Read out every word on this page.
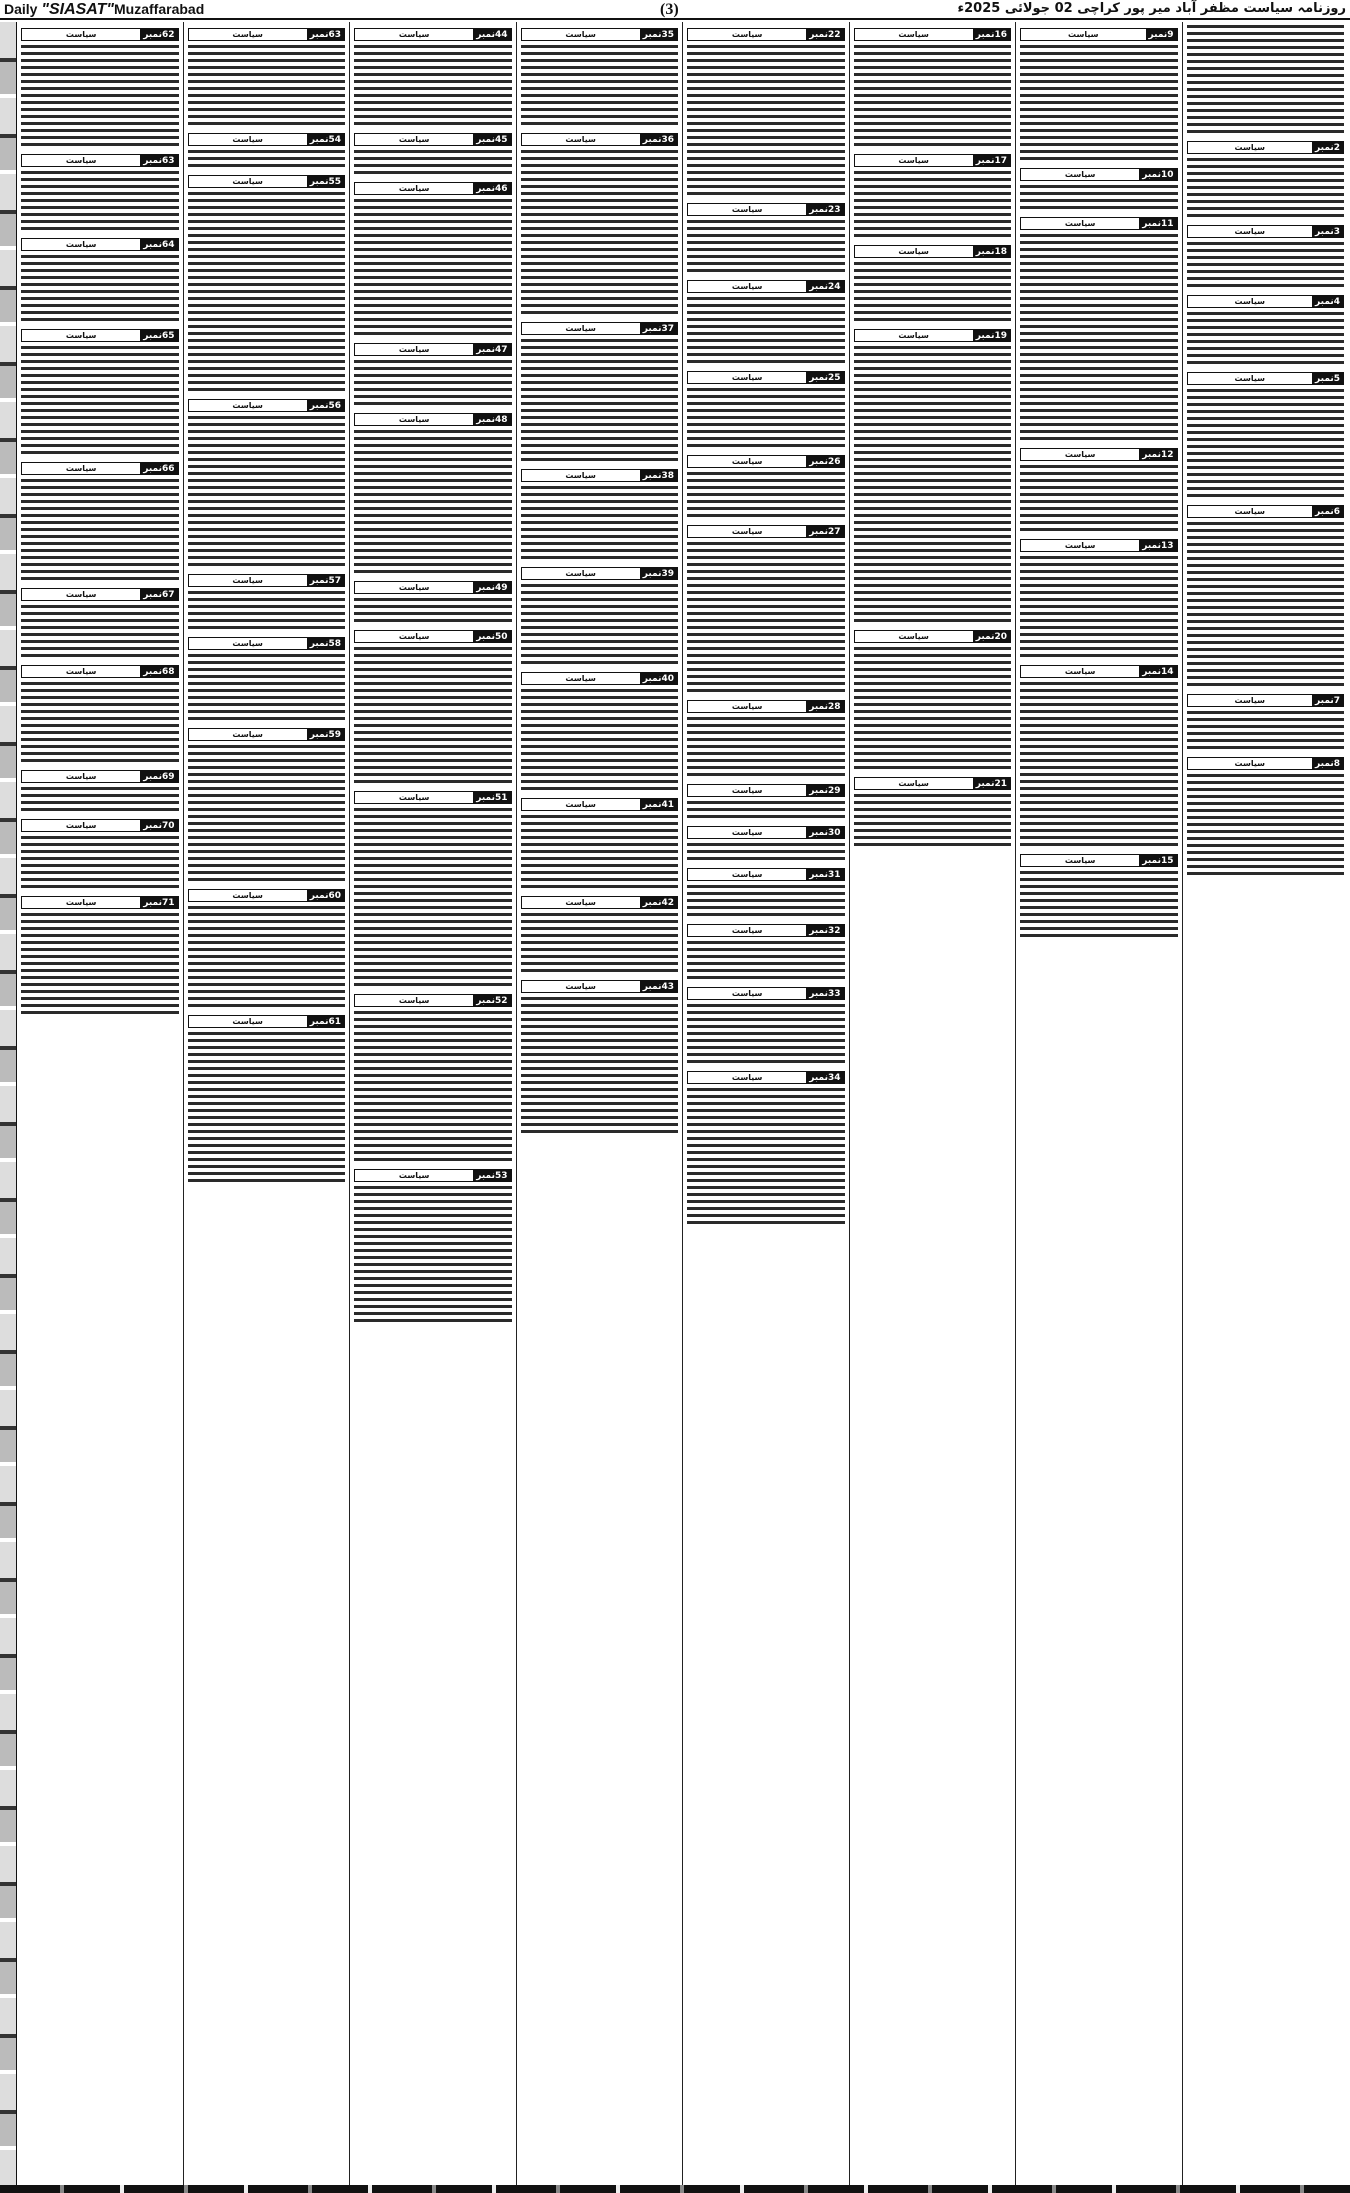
Daily "SIASAT"Muzaffarabad	(3)	روزنامہ سیاست مظفر آباد میر پور کراچی 02 جولائی 2025ء
2نمبر
سیاست
3نمبر
سیاست
4نمبر
سیاست
5نمبر
سیاست
6نمبر
سیاست
7نمبر
سیاست
8نمبر
سیاست
9نمبر
سیاست
10نمبر
سیاست
11نمبر
سیاست
12نمبر
سیاست
13نمبر
سیاست
14نمبر
سیاست
15نمبر
سیاست
16نمبر
سیاست
17نمبر
سیاست
18نمبر
سیاست
19نمبر
سیاست
20نمبر
سیاست
21نمبر
سیاست
22نمبر
سیاست
23نمبر
سیاست
24نمبر
سیاست
25نمبر
سیاست
26نمبر
سیاست
27نمبر
سیاست
28نمبر
سیاست
29نمبر
سیاست
30نمبر
سیاست
31نمبر
سیاست
32نمبر
سیاست
33نمبر
سیاست
34نمبر
سیاست
35نمبر
سیاست
36نمبر
سیاست
37نمبر
سیاست
38نمبر
سیاست
39نمبر
سیاست
40نمبر
سیاست
41نمبر
سیاست
42نمبر
سیاست
43نمبر
سیاست
44نمبر
سیاست
45نمبر
سیاست
46نمبر
سیاست
47نمبر
سیاست
48نمبر
سیاست
49نمبر
سیاست
50نمبر
سیاست
51نمبر
سیاست
52نمبر
سیاست
53نمبر
سیاست
63نمبر
سیاست
54نمبر
سیاست
55نمبر
سیاست
56نمبر
سیاست
57نمبر
سیاست
58نمبر
سیاست
59نمبر
سیاست
60نمبر
سیاست
61نمبر
سیاست
62نمبر
سیاست
63نمبر
سیاست
64نمبر
سیاست
65نمبر
سیاست
66نمبر
سیاست
67نمبر
سیاست
68نمبر
سیاست
69نمبر
سیاست
70نمبر
سیاست
71نمبر
سیاست
